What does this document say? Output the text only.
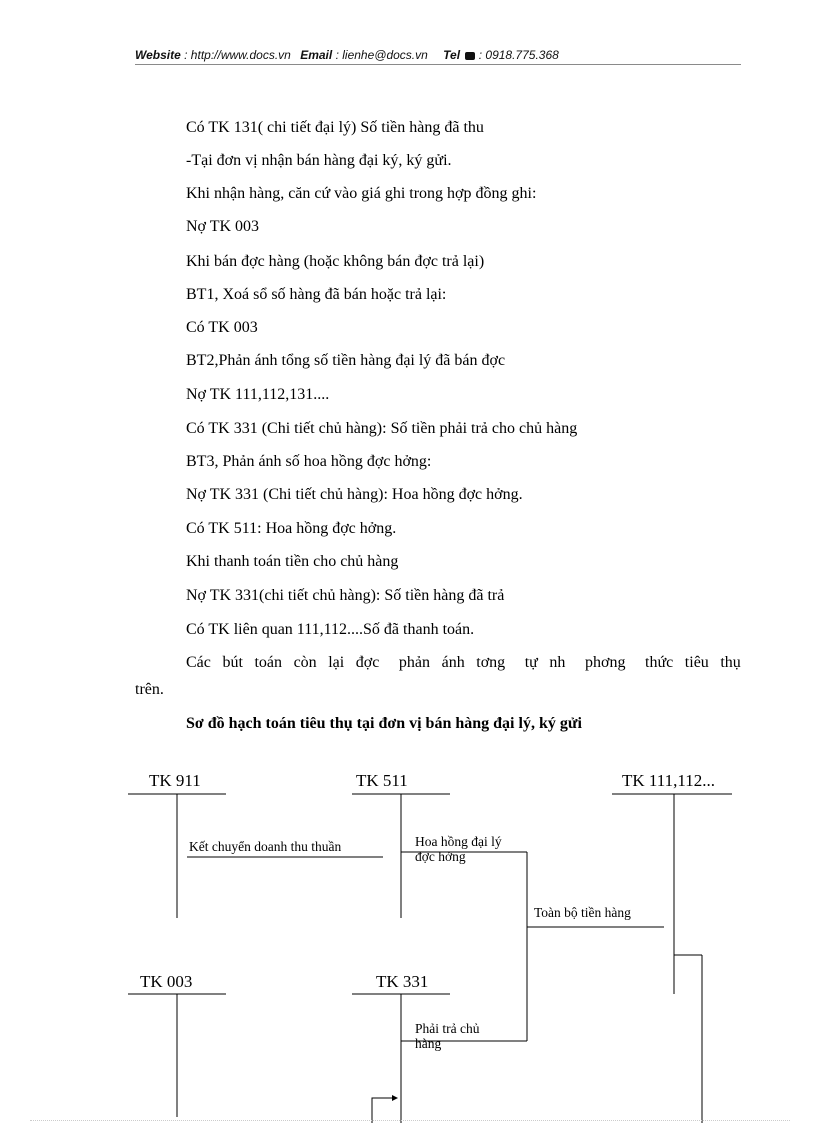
Website : http://www.docs.vn Email : lienhe@docs.vn Tel : 0918.775.368
Có TK 131( chi tiết đại lý) Số tiền hàng đã thu
-Tại đơn vị nhận bán hàng đại ký, ký gửi.
Khi nhận hàng, căn cứ vào giá ghi trong hợp đồng ghi:
Nợ TK 003
Khi bán đợc hàng (hoặc không bán đợc trả lại)
BT1, Xoá sổ số hàng đã bán hoặc trả lại:
Có TK 003
BT2,Phản ánh tổng số tiền hàng đại lý đã bán đợc
Nợ TK 111,112,131....
Có TK 331 (Chi tiết chủ hàng): Số tiền phải trả cho chủ hàng
BT3, Phản ánh số hoa hồng đợc hởng:
Nợ TK 331 (Chi tiết chủ hàng): Hoa hồng đợc hởng.
Có TK 511: Hoa hồng đợc hởng.
Khi thanh toán tiền cho chủ hàng
Nợ TK 331(chi tiết chủ hàng): Số tiền hàng đã trả
Có TK liên quan 111,112....Số đã thanh toán.
Các bút toán còn lại đợc phản ánh tơng tự nh phơng thức tiêu thụ
trên.
Sơ đồ hạch toán tiêu thụ tại đơn vị bán hàng đại lý, ký gửi
TK 911	TK 511	TK 111,112...
TK 003	TK 331
Kết chuyển doanh thu thuần	Hoa hồng đại lý
đợc hởng
Toàn bộ tiền hàng
Phải trả chủ
hàng
